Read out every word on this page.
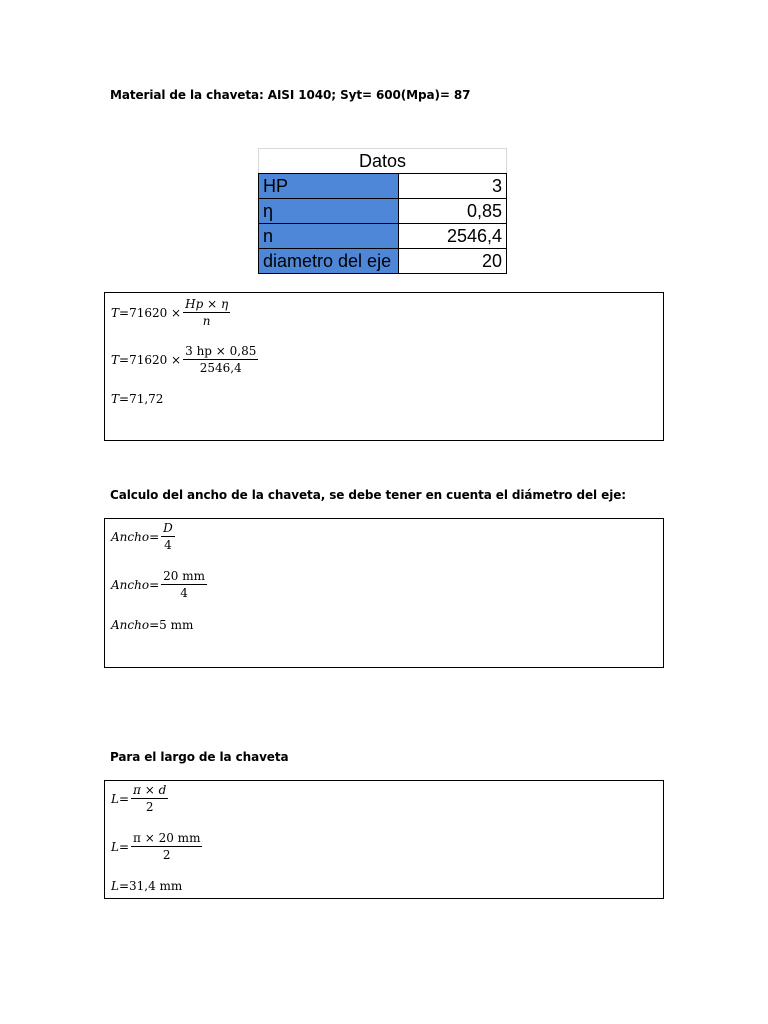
Material de la chaveta: AISI 1040; Syt= 600(Mpa)= 87
Datos	
HP	3
η	0,85
n	2546,4
diametro del eje	20
$T =71620 \times \frac{Hp \times \eta}{n}$
$T =71620 \times \frac{3 hp \times 0,85}{2546,4}$
T =71,72
Calculo del ancho de la chaveta, se debe tener en cuenta el diámetro del eje:
Ancho = $\frac{D}{4}$
Ancho = $\frac{20 mm}{4}$
Ancho =5 mm
Para el largo de la chaveta
$L = \frac{\pi \times d}{2}$
$L = \frac{\pi \times 20 mm}{2}$
L =31,4 mm
